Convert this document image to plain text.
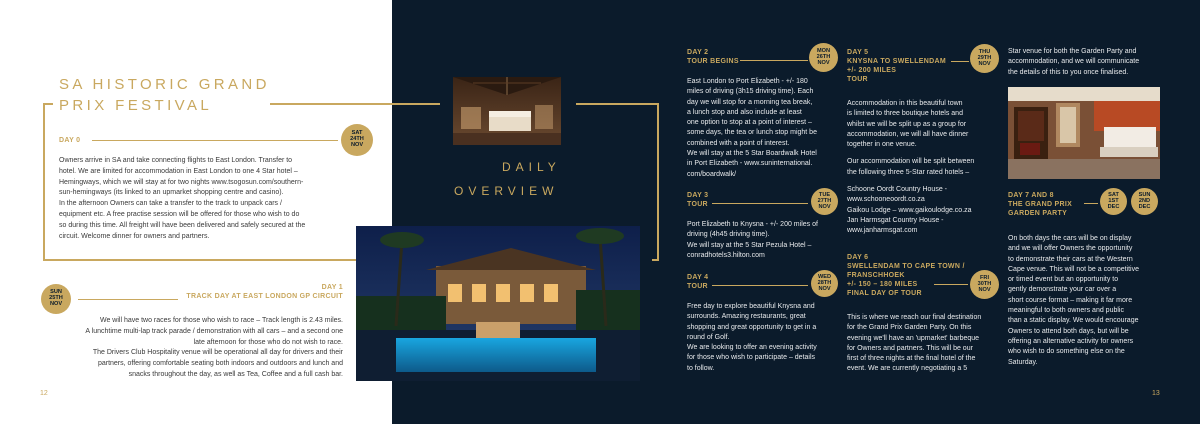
SA HISTORIC GRAND
PRIX FESTIVAL
DAY 0
SAT
24TH
NOV
Owners arrive in SA and take connecting flights to East London. Transfer to
hotel. We are limited for accommodation in East London to one 4 Star hotel –
Hemingways, which we will stay at for two nights www.tsogosun.com/southern-
sun-hemingways (its linked to an upmarket shopping centre and casino).
In the afternoon Owners can take a transfer to the track to unpack cars /
equipment etc. A free practise session will be offered for those who wish to do
so during this time. All freight will have been delivered and safely secured at the
circuit. Welcome dinner for owners and partners.
SUN
25TH
NOV
DAY 1
TRACK DAY AT EAST LONDON GP CIRCUIT
We will have two races for those who wish to race – Track length is 2.43 miles.
A lunchtime multi-lap track parade / demonstration with all cars – and a second one
late afternoon for those who do not wish to race.
The Drivers Club Hospitality venue will be operational all day for drivers and their
partners, offering comfortable seating both indoors and outdoors and lunch and
snacks throughout the day, as well as Tea, Coffee and a full cash bar.
12
DAILY
OVERVIEW
DAY 2
TOUR BEGINS
MON
26TH
NOV
East London to Port Elizabeth - +/- 180
miles of driving (3h15 driving time). Each
day we will stop for a morning tea break,
a lunch stop and also include at least
one option to stop at a point of interest –
some days, the tea or lunch stop might be
combined with a point of interest.
We will stay at the 5 Star Boardwalk Hotel
in Port Elizabeth - www.suninternational.
com/boardwalk/
DAY 3
TOUR
TUE
27TH
NOV
Port Elizabeth to Knysna - +/- 200 miles of
driving (4h45 driving time).
We will stay at the 5 Star Pezula Hotel –
conradhotels3.hilton.com
DAY 4
TOUR
WED
28TH
NOV
Free day to explore beautiful Knysna and
surrounds. Amazing restaurants, great
shopping and great opportunity to get in a
round of Golf.
We are looking to offer an evening activity
for those who wish to participate – details
to follow.
DAY 5
KNYSNA TO SWELLENDAM
+/- 200 MILES
TOUR
THU
29TH
NOV
Accommodation in this beautiful town
is limited to three boutique hotels and
whilst we will be split up as a group for
accommodation, we will all have dinner
together in one venue.
Our accommodation will be split between
the following three 5-Star rated hotels –
Schoone Oordt Country House -
www.schooneoordt.co.za
Gaikou Lodge – www.gaikoulodge.co.za
Jan Harmsgat Country House -
www.janharmsgat.com
DAY 6
SWELLENDAM TO CAPE TOWN /
FRANSCHHOEK
+/- 150 – 180 MILES
FINAL DAY OF TOUR
FRI
30TH
NOV
This is where we reach our final destination
for the Grand Prix Garden Party. On this
evening we'll have an 'upmarket' barbeque
for Owners and partners. This will be our
first of three nights at the final hotel of the
event. We are currently negotiating a 5
Star venue for both the Garden Party and
accommodation, and we will communicate
the details of this to you once finalised.
DAY 7 AND 8
THE GRAND PRIX
GARDEN PARTY
SAT
1ST
DEC
SUN
2ND
DEC
On both days the cars will be on display
and we will offer Owners the opportunity
to demonstrate their cars at the Western
Cape venue. This will not be a competitive
or timed event but an opportunity to
gently demonstrate your car over a
short course format – making it far more
meaningful to both owners and public
than a static display. We would encourage
Owners to attend both days, but will be
offering an alternative activity for owners
who wish to do something else on the
Saturday.
13
